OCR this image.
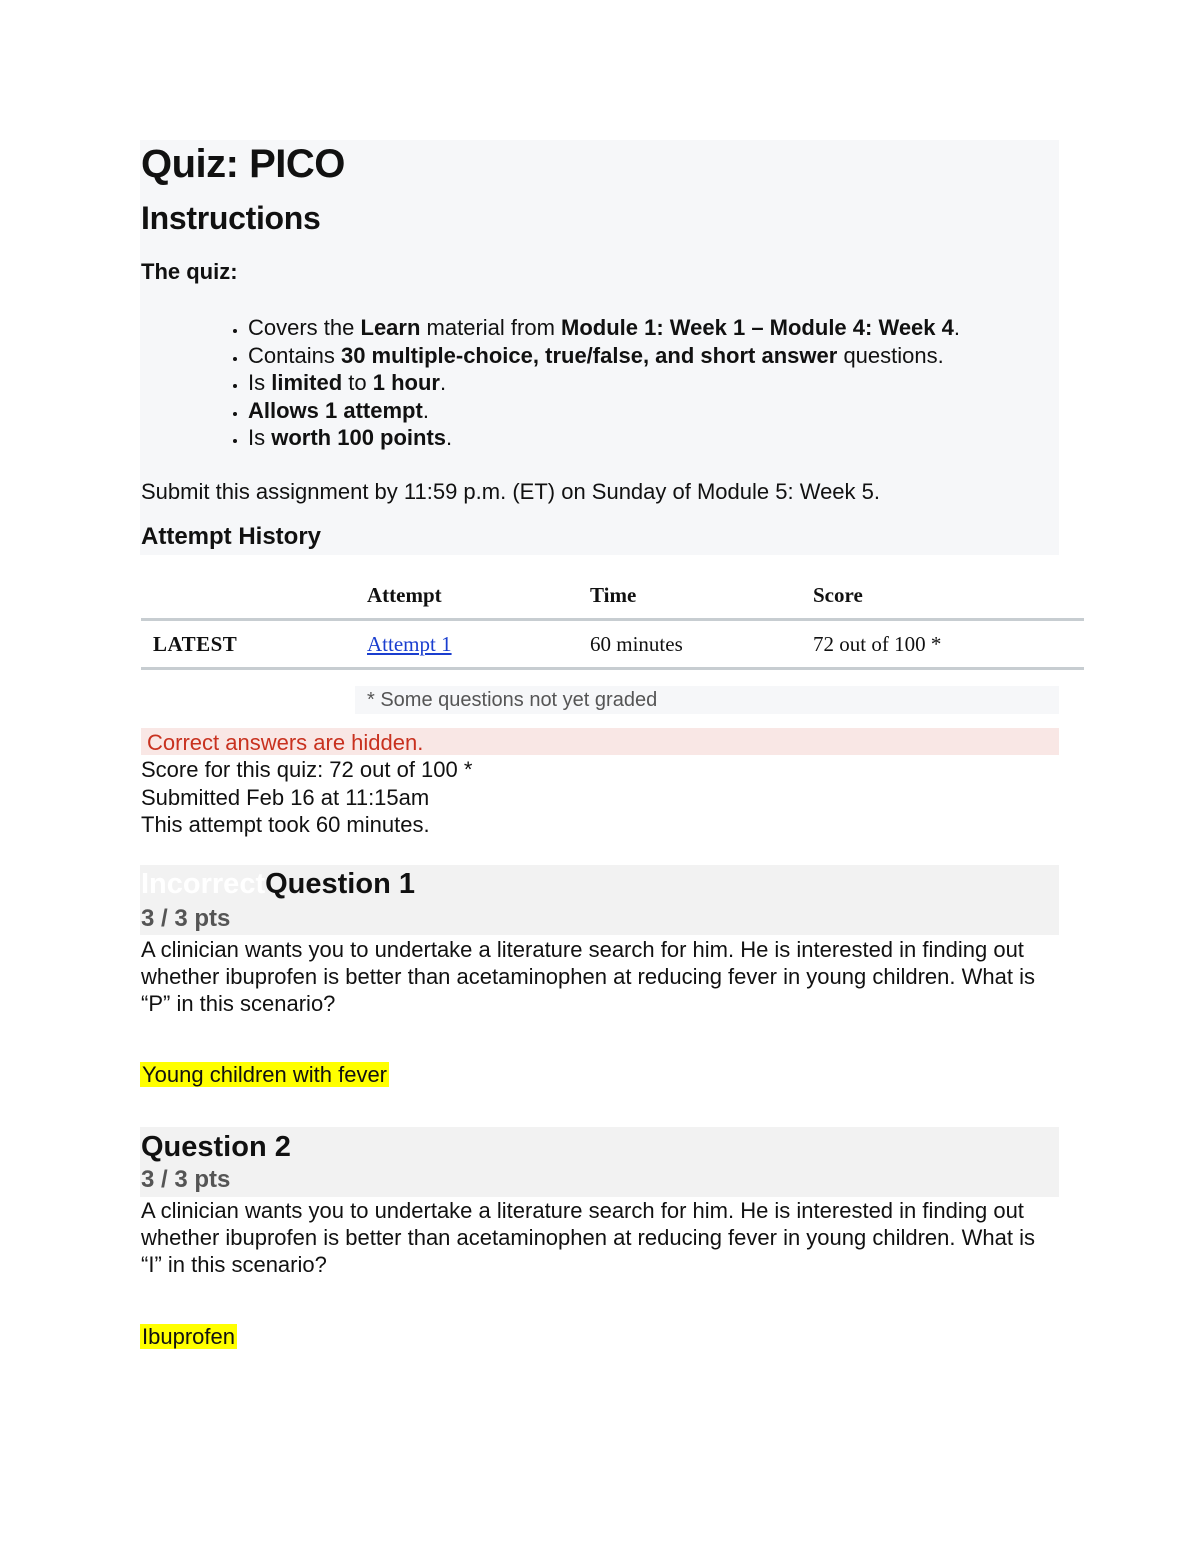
Quiz: PICO
Instructions
The quiz:
• Covers the Learn material from Module 1: Week 1 – Module 4: Week 4.
• Contains 30 multiple-choice, true/false, and short answer questions.
• Is limited to 1 hour.
• Allows 1 attempt.
• Is worth 100 points.
Submit this assignment by 11:59 p.m. (ET) on Sunday of Module 5: Week 5.
Attempt History
	Attempt	Time	Score
LATEST	Attempt 1	60 minutes	72 out of 100 *
* Some questions not yet graded
Correct answers are hidden.
Score for this quiz: 72 out of 100 *
Submitted Feb 16 at 11:15am
This attempt took 60 minutes.
IncorrectQuestion 1
3 / 3 pts
A clinician wants you to undertake a literature search for him. He is interested in finding out whether ibuprofen is better than acetaminophen at reducing fever in young children. What is “P” in this scenario?
Young children with fever
Question 2
3 / 3 pts
A clinician wants you to undertake a literature search for him. He is interested in finding out whether ibuprofen is better than acetaminophen at reducing fever in young children. What is “I” in this scenario?
Ibuprofen
